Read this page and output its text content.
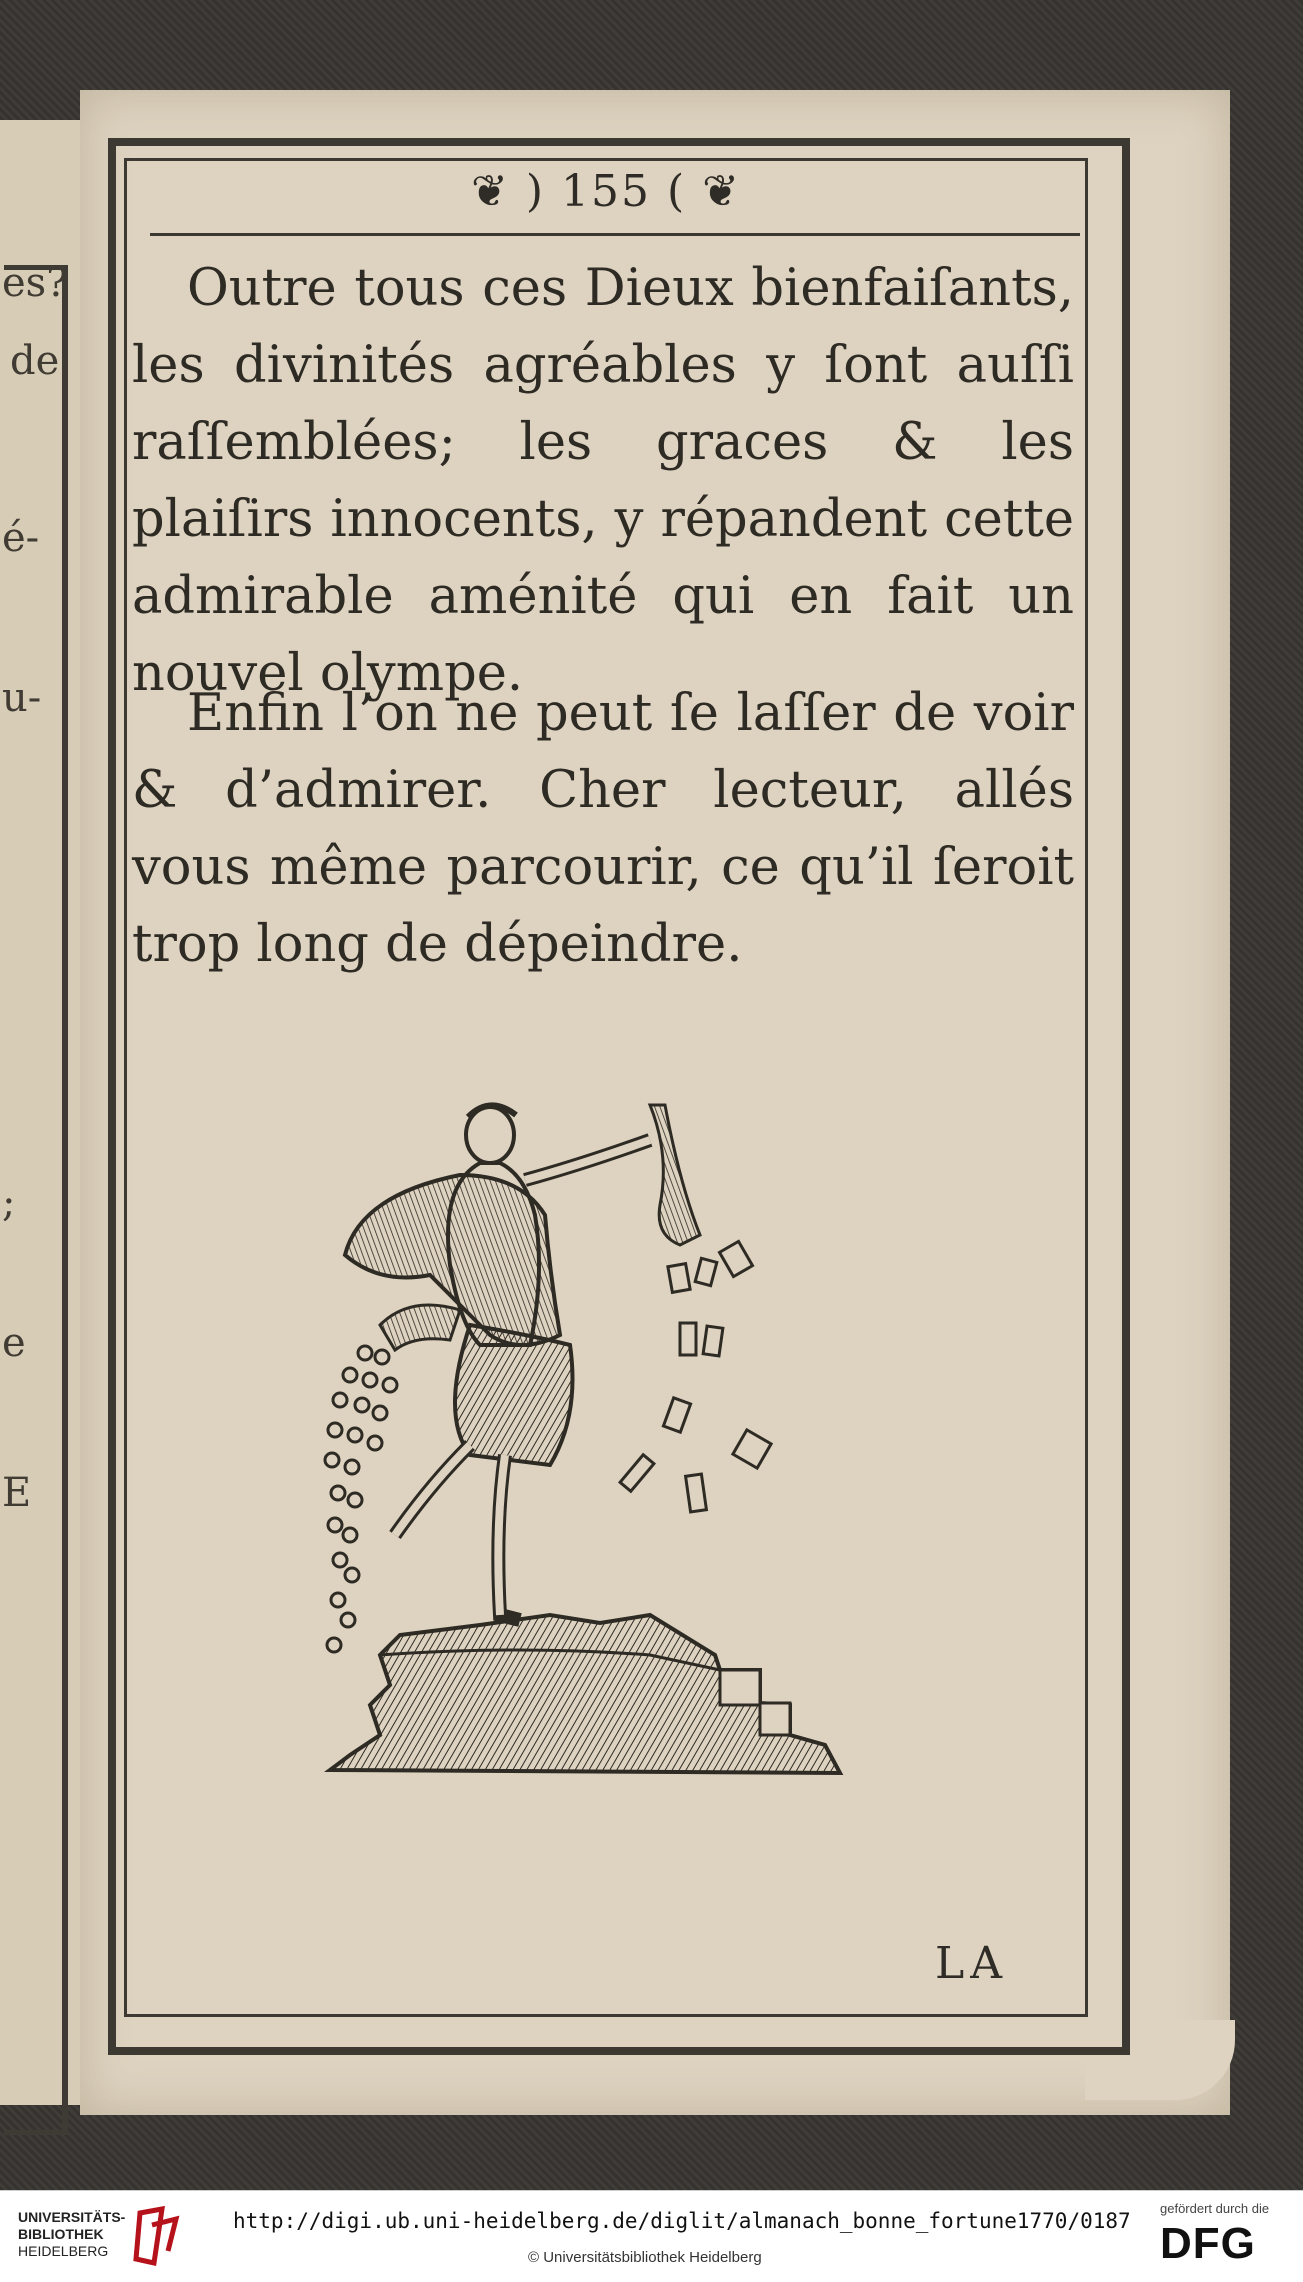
es?
de
é-
u-
;
e
E
❦ ) 155 ( ❦

Outre tous ces Dieux bienfaiſants, les divinités agréables y ſont auſſi raſſemblées; les graces & les plaiſirs innocents, y répandent cette admirable aménité qui en fait un nouvel olympe.

Enfin l’on ne peut ſe laſſer de voir & d’admirer. Cher lecteur, allés vous même parcourir, ce qu’il ſeroit trop long de dépeindre.

LA
UNIVERSITÄTS-
BIBLIOTHEK
HEIDELBERG
http://digi.ub.uni-heidelberg.de/diglit/almanach_bonne_fortune1770/0187
© Universitätsbibliothek Heidelberg
gefördert durch die
DFG
